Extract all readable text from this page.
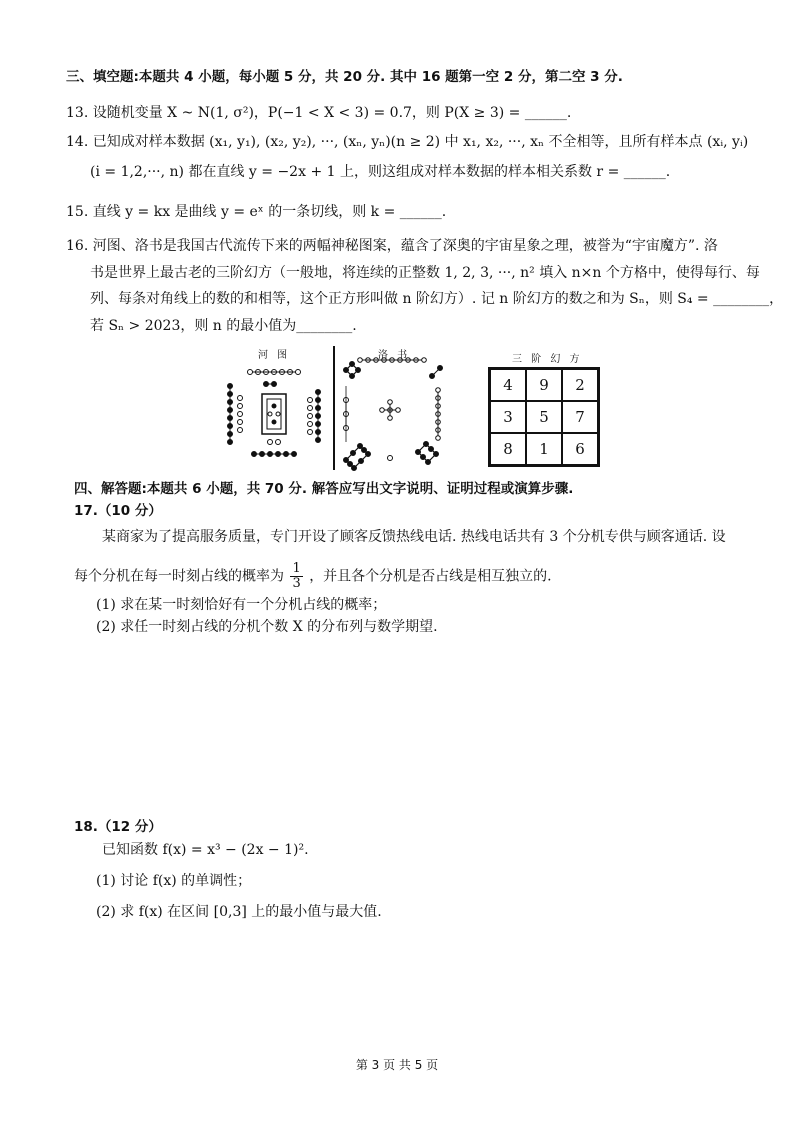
三、填空题:本题共 4 小题，每小题 5 分，共 20 分. 其中 16 题第一空 2 分，第二空 3 分.
13. 设随机变量 X ~ N(1, σ²)，P(−1 < X < 3) = 0.7，则 P(X ≥ 3) = ______.
14. 已知成对样本数据 (x₁, y₁), (x₂, y₂), ···, (xₙ, yₙ)(n ≥ 2) 中 x₁, x₂, ···, xₙ 不全相等，且所有样本点 (xᵢ, yᵢ)
(i = 1,2,···, n) 都在直线 y = −2x + 1 上，则这组成对样本数据的样本相关系数 r = ______.
15. 直线 y = kx 是曲线 y = eˣ 的一条切线，则 k = ______.
16. 河图、洛书是我国古代流传下来的两幅神秘图案，蕴含了深奥的宇宙星象之理，被誉为“宇宙魔方”. 洛
书是世界上最古老的三阶幻方（一般地，将连续的正整数 1, 2, 3, ···, n² 填入 n×n 个方格中，使得每行、每
列、每条对角线上的数的和相等，这个正方形叫做 n 阶幻方）. 记 n 阶幻方的数之和为 Sₙ，则 S₄ = ________，
若 Sₙ > 2023，则 n 的最小值为________.
河 图	洛 书	三 阶 幻 方
4	9	2
3	5	7
8	1	6
四、解答题:本题共 6 小题，共 70 分. 解答应写出文字说明、证明过程或演算步骤.
17.（10 分）
某商家为了提高服务质量，专门开设了顾客反馈热线电话. 热线电话共有 3 个分机专供与顾客通话. 设
每个分机在每一时刻占线的概率为 $\frac{1}{3}$ ，并且各个分机是否占线是相互独立的.
(1) 求在某一时刻恰好有一个分机占线的概率；
(2) 求任一时刻占线的分机个数 X 的分布列与数学期望.
18.（12 分）
已知函数 f(x) = x³ − (2x − 1)².
(1) 讨论 f(x) 的单调性；
(2) 求 f(x) 在区间 [0,3] 上的最小值与最大值.
第 3 页 共 5 页
